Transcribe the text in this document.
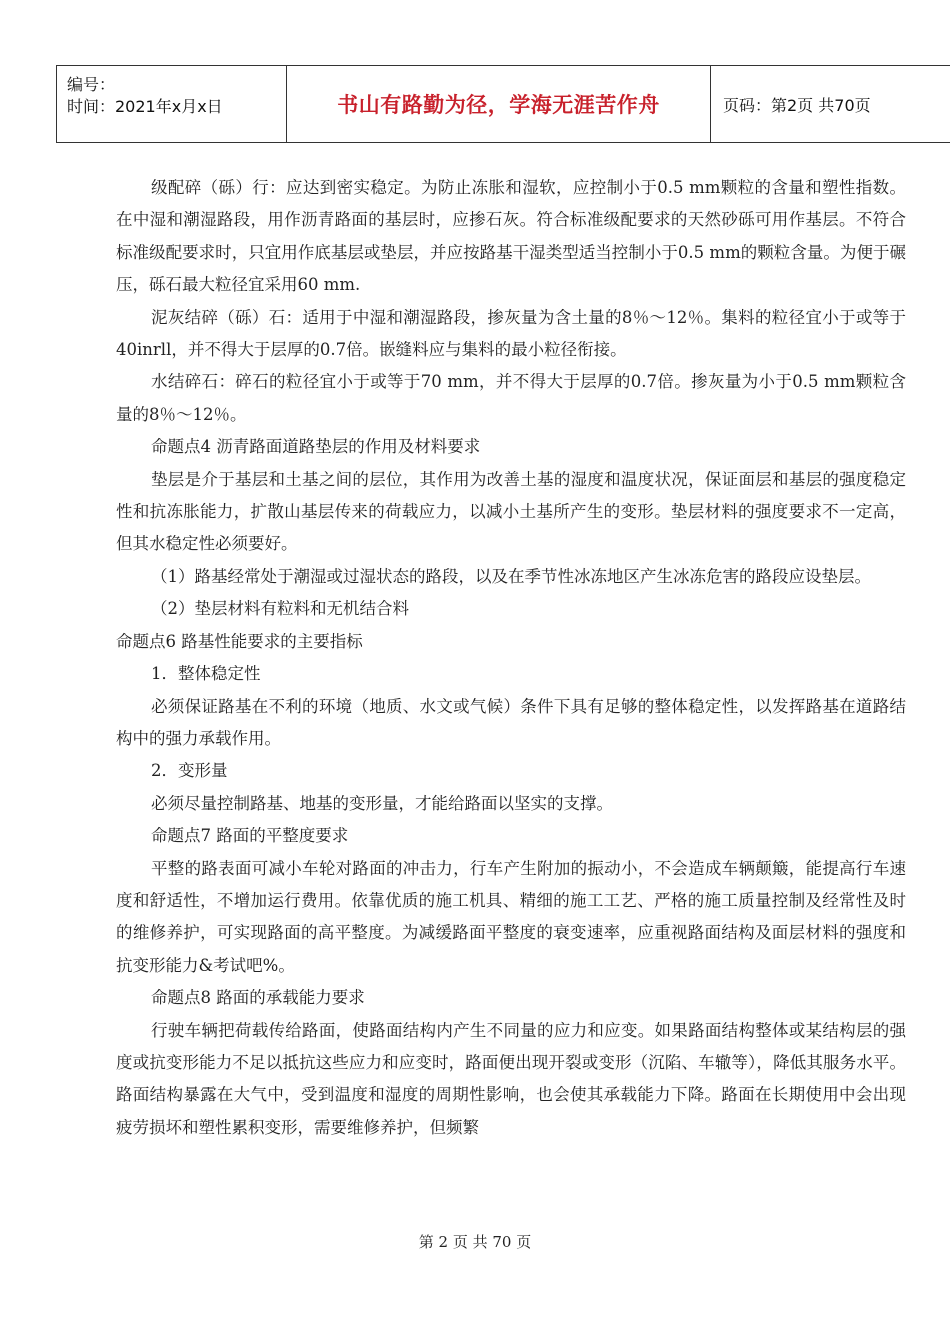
编号：
时间：2021年x月x日	书山有路勤为径，学海无涯苦作舟	页码：第2页 共70页

级配碎（砾）行：应达到密实稳定。为防止冻胀和湿软，应控制小于0.5 mm颗粒的含量和塑性指数。在中湿和潮湿路段，用作沥青路面的基层时，应掺石灰。符合标准级配要求的天然砂砾可用作基层。不符合标准级配要求时，只宜用作底基层或垫层，并应按路基干湿类型适当控制小于0.5 mm的颗粒含量。为便于碾压，砾石最大粒径宜采用60 mm.

泥灰结碎（砾）石：适用于中湿和潮湿路段，掺灰量为含土量的8％～12％。集料的粒径宜小于或等于40inrll，并不得大于层厚的0.7倍。嵌缝料应与集料的最小粒径衔接。

水结碎石：碎石的粒径宜小于或等于70 mm，并不得大于层厚的0.7倍。掺灰量为小于0.5 mm颗粒含量的8％～12％。

命题点4 沥青路面道路垫层的作用及材料要求

垫层是介于基层和土基之间的层位，其作用为改善土基的湿度和温度状况，保证面层和基层的强度稳定性和抗冻胀能力，扩散山基层传来的荷载应力，以减小土基所产生的变形。垫层材料的强度要求不一定高，但其水稳定性必须要好。

（1）路基经常处于潮湿或过湿状态的路段，以及在季节性冰冻地区产生冰冻危害的路段应设垫层。

（2）垫层材料有粒料和无机结合料

命题点6 路基性能要求的主要指标

1．整体稳定性

必须保证路基在不利的环境（地质、水文或气候）条件下具有足够的整体稳定性，以发挥路基在道路结构中的强力承载作用。

2．变形量

必须尽量控制路基、地基的变形量，才能给路面以坚实的支撑。

命题点7 路面的平整度要求

平整的路表面可减小车轮对路面的冲击力，行车产生附加的振动小，不会造成车辆颠簸，能提高行车速度和舒适性，不增加运行费用。依靠优质的施工机具、精细的施工工艺、严格的施工质量控制及经常性及时的维修养护，可实现路面的高平整度。为减缓路面平整度的衰变速率，应重视路面结构及面层材料的强度和抗变形能力&考试吧%。

命题点8 路面的承载能力要求

行驶车辆把荷载传给路面，使路面结构内产生不同量的应力和应变。如果路面结构整体或某结构层的强度或抗变形能力不足以抵抗这些应力和应变时，路面便出现开裂或变形（沉陷、车辙等），降低其服务水平。路面结构暴露在大气中，受到温度和湿度的周期性影响，也会使其承载能力下降。路面在长期使用中会出现疲劳损坏和塑性累积变形，需要维修养护，但频繁

第 2 页 共 70 页
